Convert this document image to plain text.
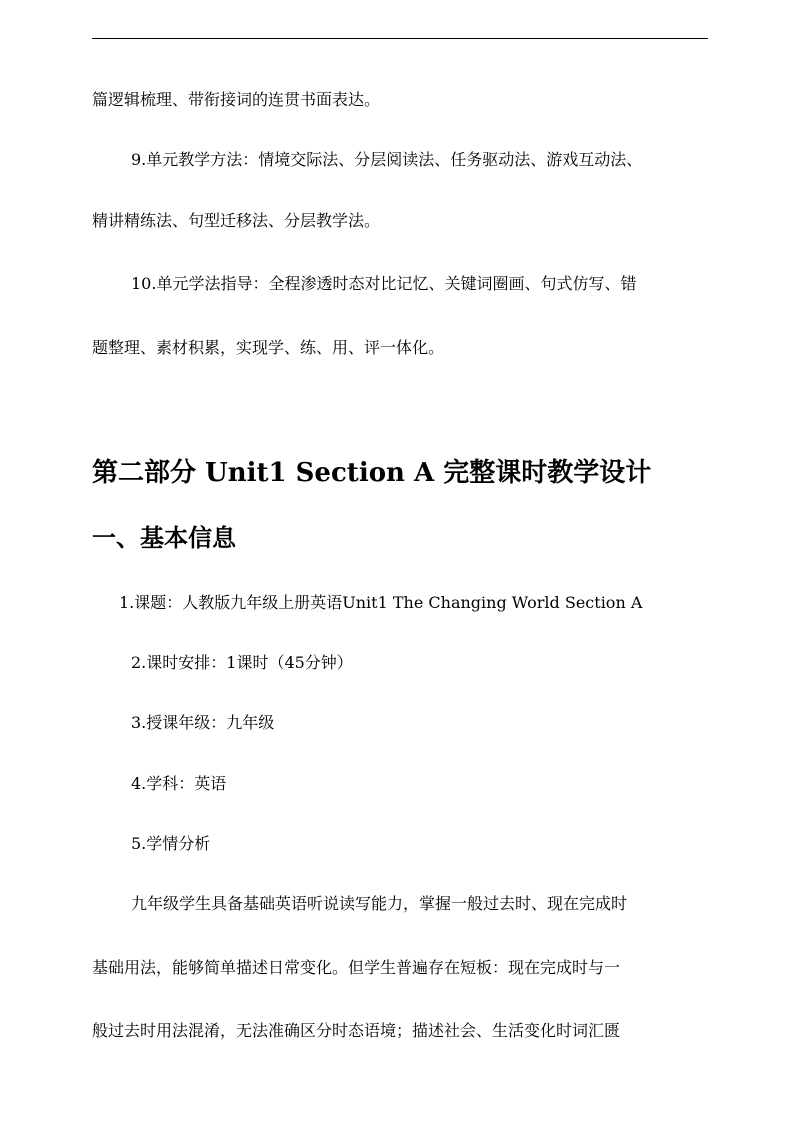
篇逻辑梳理、带衔接词的连贯书面表达。
9.单元教学方法：情境交际法、分层阅读法、任务驱动法、游戏互动法、
精讲精练法、句型迁移法、分层教学法。
10.单元学法指导：全程渗透时态对比记忆、关键词圈画、句式仿写、错
题整理、素材积累，实现学、练、用、评一体化。
第二部分 Unit1 Section A 完整课时教学设计
一、基本信息
1.课题：人教版九年级上册英语Unit1 The Changing World Section A
2.课时安排：1课时（45分钟）
3.授课年级：九年级
4.学科：英语
5.学情分析
九年级学生具备基础英语听说读写能力，掌握一般过去时、现在完成时
基础用法，能够简单描述日常变化。但学生普遍存在短板：现在完成时与一
般过去时用法混淆，无法准确区分时态语境；描述社会、生活变化时词汇匮
